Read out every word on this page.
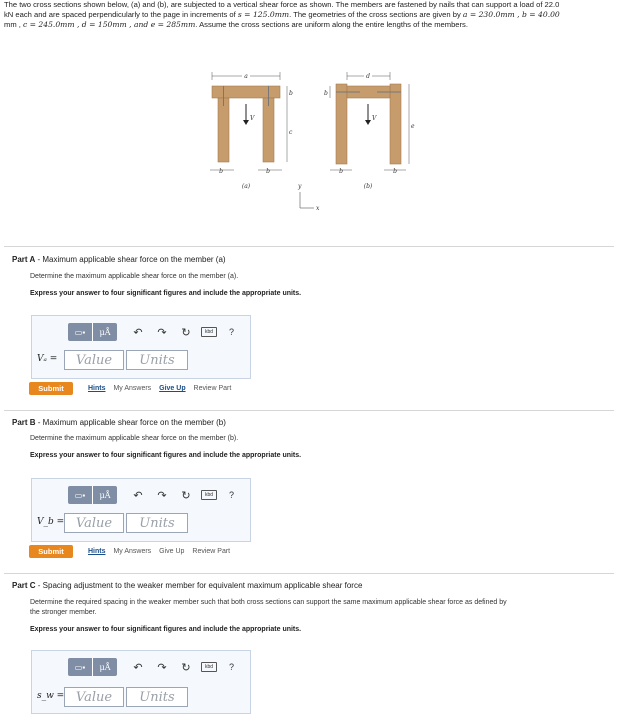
The two cross sections shown below, (a) and (b), are subjected to a vertical shear force as shown. The members are fastened by nails that can support a load of 22.0
kN each and are spaced perpendicularly to the page in increments of s = 125.0mm. The geometries of the cross sections are given by a = 230.0mm , b = 40.00
mm , c = 245.0mm , d = 150mm , and e = 285mm. Assume the cross sections are uniform along the entire lengths of the members.
a
c
b
V
b	b
(a)
d
b
e
V
b	b
(b)
y
x
Part A - Maximum applicable shear force on the member (a)
Determine the maximum applicable shear force on the member (a).
Express your answer to four significant figures and include the appropriate units.
▭▪	μÅ	↶	↷	↻	kbd	?
Vₐ =	Value	Units
Submit	Hints My Answers Give Up Review Part
Part B - Maximum applicable shear force on the member (b)
Determine the maximum applicable shear force on the member (b).
Express your answer to four significant figures and include the appropriate units.
▭▪	μÅ	↶	↷	↻	kbd	?
V_b = Value	Units
Submit	Hints My Answers Give Up Review Part
Part C - Spacing adjustment to the weaker member for equivalent maximum applicable shear force
Determine the required spacing in the weaker member such that both cross sections can support the same maximum applicable shear force as defined by
the stronger member.
Express your answer to four significant figures and include the appropriate units.
▭▪	μÅ	↶	↷	↻	kbd	?
s_w = Value	Units
